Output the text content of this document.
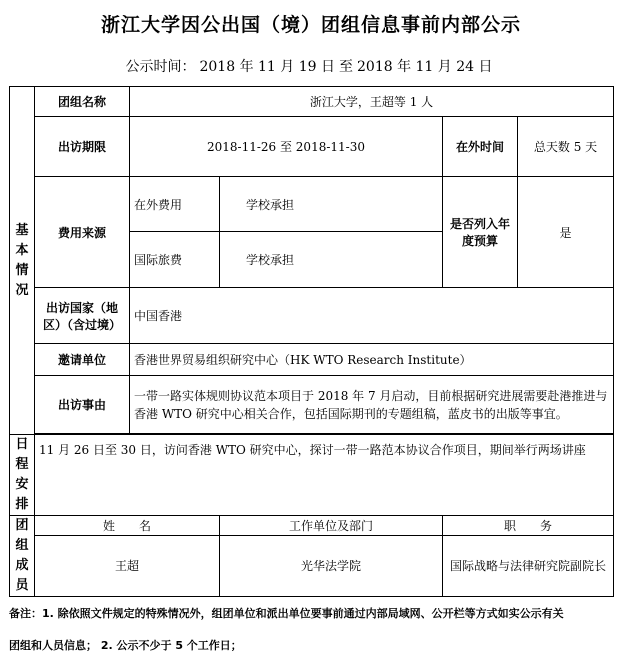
浙江大学因公出国（境）团组信息事前内部公示
公示时间： 2018 年 11 月 19 日 至 2018 年 11 月 24 日
基本情况	团组名称	浙江大学，王超等 1 人			
	出访期限	2018-11-26 至 2018-11-30		在外时间	总天数 5 天
	费用来源	在外费用	学校承担	是否列入年度预算	是
		国际旅费	学校承担		
	出访国家（地区）（含过境）	中国香港			
	邀请单位	香港世界贸易组织研究中心（HK WTO Research Institute）			
	出访事由	一带一路实体规则协议范本项目于 2018 年 7 月启动，目前根据研究进展需要赴港推进与香港 WTO 研究中心相关合作，包括国际期刊的专题组稿，蓝皮书的出版等事宜。			

日程安排	11 月 26 日至 30 日，访问香港 WTO 研究中心，探讨一带一路范本协议合作项目，期间举行两场讲座				

团组成员	姓　　名		工作单位及部门	职　　务	
	王超		光华法学院	国际战略与法律研究院副院长	
备注：1. 除依照文件规定的特殊情况外，组团单位和派出单位要事前通过内部局域网、公开栏等方式如实公示有关
团组和人员信息； 2. 公示不少于 5 个工作日；
